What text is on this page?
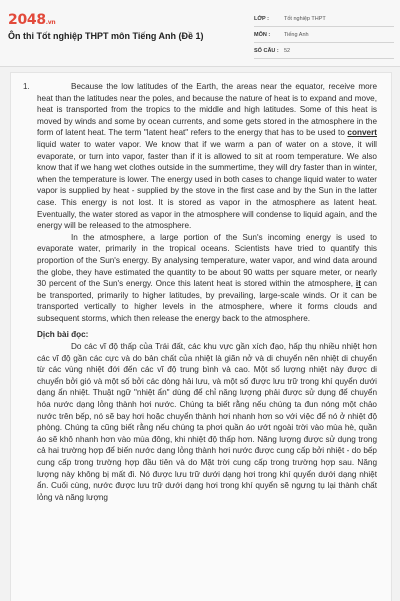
2048.vn
Ôn thi Tốt nghiệp THPT môn Tiếng Anh (Đề 1)
LỚP :	Tốt nghiệp THPT
MÔN :	Tiếng Anh
SỐ CÂU : 52
1.	Because the low latitudes of the Earth, the areas near the equator, receive more heat than the latitudes near the poles, and because the nature of heat is to expand and move, heat is transported from the tropics to the middle and high latitudes. Some of this heat is moved by winds and some by ocean currents, and some gets stored in the atmosphere in the form of latent heat. The term "latent heat" refers to the energy that has to be used to convert liquid water to water vapor. We know that if we warm a pan of water on a stove, it will evaporate, or turn into vapor, faster than if it is allowed to sit at room temperature. We also know that if we hang wet clothes outside in the summertime, they will dry faster than in winter, when the temperature is lower. The energy used in both cases to change liquid water to water vapor is supplied by heat - supplied by the stove in the first case and by the Sun in the latter case. This energy is not lost. It is stored as vapor in the atmosphere as latent heat. Eventually, the water stored as vapor in the atmosphere will condense to liquid again, and the energy will be released to the atmosphere.

In the atmosphere, a large portion of the Sun's incoming energy is used to evaporate water, primarily in the tropical oceans. Scientists have tried to quantify this proportion of the Sun's energy. By analysing temperature, water vapor, and wind data around the globe, they have estimated the quantity to be about 90 watts per square meter, or nearly 30 percent of the Sun's energy. Once this latent heat is stored within the atmosphere, it can be transported, primarily to higher latitudes, by prevailing, large-scale winds. Or it can be transported vertically to higher levels in the atmosphere, where it forms clouds and subsequent storms, which then release the energy back to the atmosphere.

Dịch bài đọc:

Do các vĩ độ thấp của Trái đất, các khu vực gần xích đạo, hấp thụ nhiều nhiệt hơn các vĩ độ gần các cực và do bản chất của nhiệt là giãn nở và di chuyển nên nhiệt di chuyển từ các vùng nhiệt đới đến các vĩ độ trung bình và cao. Một số lượng nhiệt này được di chuyển bởi gió và một số bởi các dòng hải lưu, và một số được lưu trữ trong khí quyển dưới dạng ẩn nhiệt. Thuật ngữ "nhiệt ẩn" dùng để chỉ năng lượng phải được sử dụng để chuyển hóa nước dạng lỏng thành hơi nước. Chúng ta biết rằng nếu chúng ta đun nóng một chảo nước trên bếp, nó sẽ bay hơi hoặc chuyển thành hơi nhanh hơn so với việc để nó ở nhiệt độ phòng. Chúng ta cũng biết rằng nếu chúng ta phơi quần áo ướt ngoài trời vào mùa hè, quần áo sẽ khô nhanh hơn vào mùa đông, khi nhiệt độ thấp hơn. Năng lượng được sử dụng trong cả hai trường hợp để biến nước dạng lỏng thành hơi nước được cung cấp bởi nhiệt - do bếp cung cấp trong trường hợp đầu tiên và do Mặt trời cung cấp trong trường hợp sau. Năng lượng này không bị mất đi. Nó được lưu trữ dưới dạng hơi trong khí quyển dưới dạng nhiệt ẩn. Cuối cùng, nước được lưu trữ dưới dạng hơi trong khí quyển sẽ ngưng tụ lại thành chất lỏng và năng lượng
